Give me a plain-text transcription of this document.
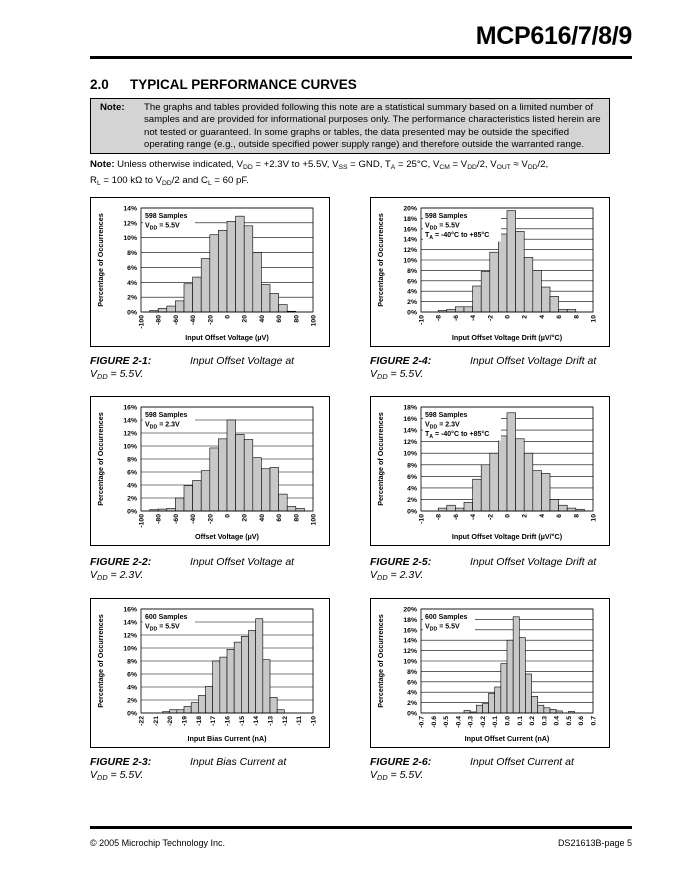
MCP616/7/8/9
2.0 TYPICAL PERFORMANCE CURVES
Note: The graphs and tables provided following this note are a statistical summary based on a limited number of samples and are provided for informational purposes only. The performance characteristics listed herein are not tested or guaranteed. In some graphs or tables, the data presented may be outside the specified operating range (e.g., outside specified power supply range) and therefore outside the warranted range.
Note: Unless otherwise indicated, $V_{DD} = +2.3V$ to +5.5V, $V_{SS}$ = GND, $T_A = 25^\circ C$, $V_{CM} = V_{DD}/2$, $V_{OUT} \approx V_{DD}/2$,
$R_L = 100$ kΩ to $V_{DD}/2$ and $C_L = 60$ pF.
0%
2%
4%
6%
8%
10%
12%
14%
-100 -80 -60 -40 -20 0 20 40 60 80 100
Input Offset Voltage (µV)
Percentage of Occurrences	598 Samples
VDD = 5.5V
FIGURE 2-1:	Input Offset Voltage at
$V_{DD} = 5.5V$.
0%
2%
4%
6%
8%
10%
12%
14%
16%
-100 -80 -60 -40 -20 0 20 40 60 80 100
Offset Voltage (µV)
Percentage of Occurrences	598 Samples
VDD = 2.3V
FIGURE 2-2:	Input Offset Voltage at
$V_{DD} = 2.3V$.
0%
2%
4%
6%
8%
10%
12%
14%
16%
-22 -21 -20 -19 -18 -17 -16 -15 -14 -13 -12 -11 -10
Input Bias Current (nA)
Percentage of Occurrences	600 Samples
VDD = 5.5V
FIGURE 2-3:	Input Bias Current at
$V_{DD} = 5.5V$.
0%
2%
4%
6%
8%
10%
12%
14%
16%
18%
20%
-10 -8 -6 -4 -2 0 2 4 6 8 10
Input Offset Voltage Drift (µV/°C)
Percentage of Occurrences	598 Samples
VDD = 5.5V
TA = -40°C to +85°C
FIGURE 2-4:	Input Offset Voltage Drift at
$V_{DD} = 5.5V$.
0%
2%
4%
6%
8%
10%
12%
14%
16%
18%
-10 -8 -6 -4 -2 0 2 4 6 8 10
Input Offset Voltage Drift (µV/°C)
Percentage of Occurrences	598 Samples
VDD = 2.3V
TA = -40°C to +85°C
FIGURE 2-5:	Input Offset Voltage Drift at
$V_{DD} = 2.3V$.
0%
2%
4%
6%
8%
10%
12%
14%
16%
18%
20%
-0.7 -0.6 -0.5 -0.4 -0.3 -0.2 -0.1 0.0 0.1 0.2 0.3 0.4 0.5 0.6 0.7
Input Offset Current (nA)
Percentage of Occurrences	600 Samples
VDD = 5.5V
FIGURE 2-6:	Input Offset Current at
$V_{DD} = 5.5V$.
© 2005 Microchip Technology Inc.	DS21613B-page 5
